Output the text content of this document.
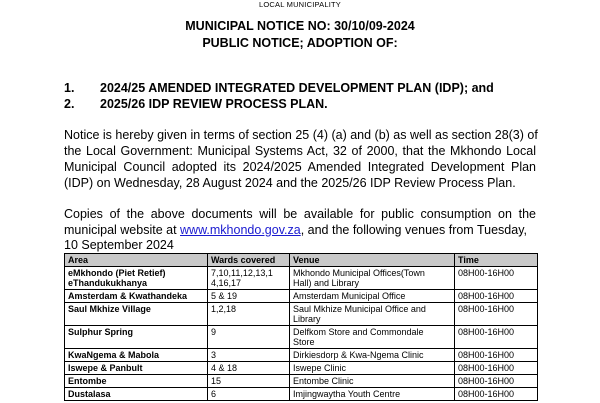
LOCAL MUNICIPALITY
MUNICIPAL NOTICE NO: 30/10/09-2024
PUBLIC NOTICE; ADOPTION OF:
1. 2024/25 AMENDED INTEGRATED DEVELOPMENT PLAN (IDP); and
2. 2025/26 IDP REVIEW PROCESS PLAN.
Notice is hereby given in terms of section 25 (4) (a) and (b) as well as section 28(3) of
the Local Government: Municipal Systems Act, 32 of 2000, that the Mkhondo Local
Municipal Council adopted its 2024/2025 Amended Integrated Development Plan
(IDP) on Wednesday, 28 August 2024 and the 2025/26 IDP Review Process Plan.
Copies of the above documents will be available for public consumption on the
municipal website at www.mkhondo.gov.za, and the following venues from Tuesday,
10 September 2024
Area	Wards covered	Venue	Time

eMkhondo (Piet Retief)
eThandukukhanya	7,10,11,12,13,1
4,16,17	Mkhondo Municipal Offices(Town
Hall) and Library	08H00-16H00

Amsterdam & Kwathandeka	5 & 19	Amsterdam Municipal Office	08H00-16H00

Saul Mkhize Village	1,2,18	Saul Mkhize Municipal Office and
Library	08H00-16H00

Sulphur Spring	9	Delfkom Store and Commondale
Store	08H00-16H00

KwaNgema & Mabola	3	Dirkiesdorp & Kwa-Ngema Clinic	08H00-16H00

Iswepe & Panbult	4 & 18	Iswepe Clinic	08H00-16H00

Entombe	15	Entombe Clinic	08H00-16H00

Dustalasa	6	Imjingwaytha Youth Centre	08H00-16H00
